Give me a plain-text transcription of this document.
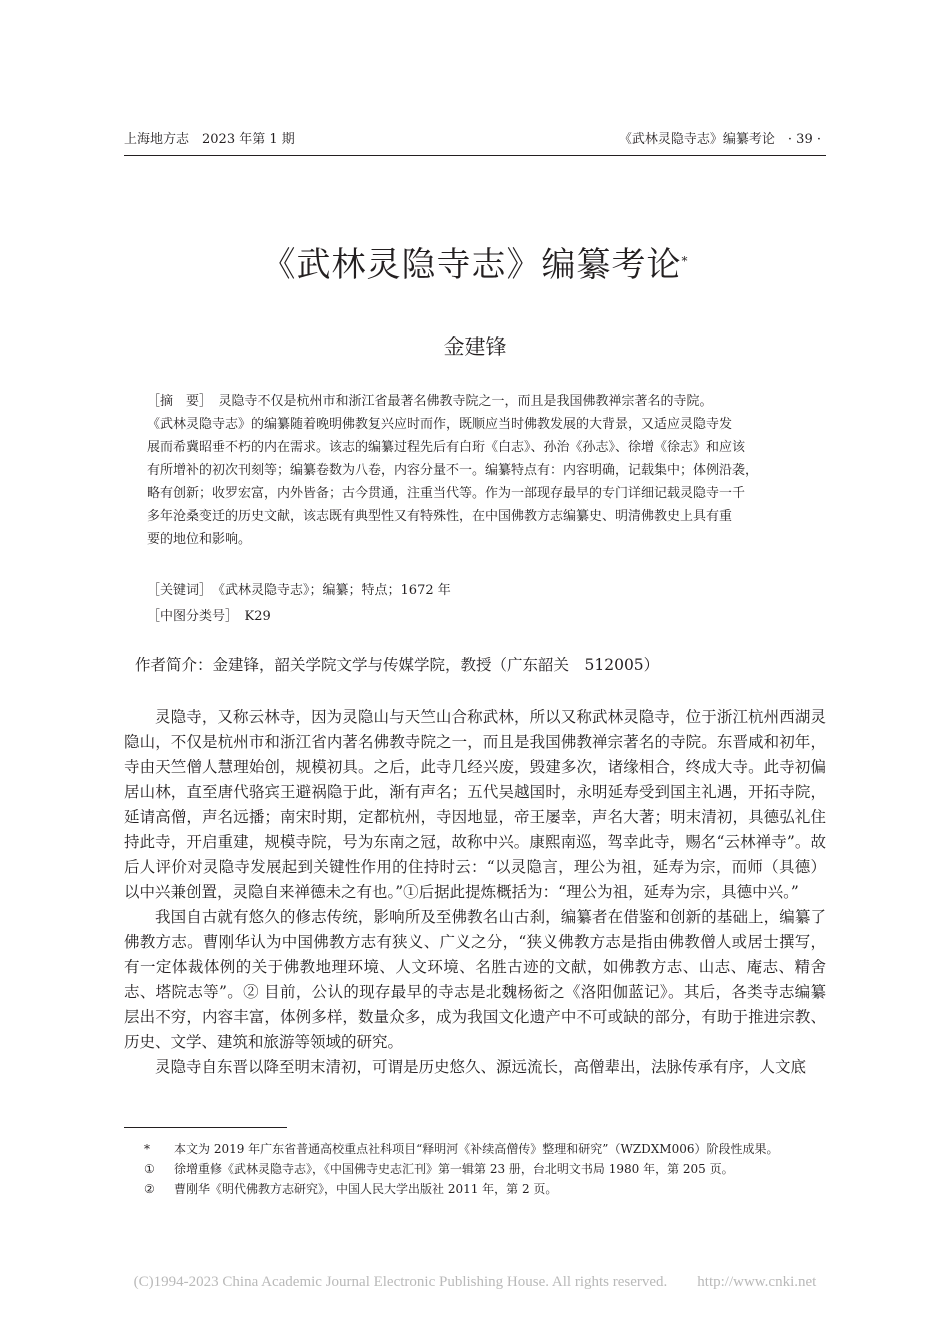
上海地方志　2023 年第 1 期	《武林灵隐寺志》编纂考论　· 39 ·
《武林灵隐寺志》编纂考论*
金建锋
［摘　要］　 灵隐寺不仅是杭州市和浙江省最著名佛教寺院之一，而且是我国佛教禅宗著名的寺院。
《武林灵隐寺志》的编纂随着晚明佛教复兴应时而作，既顺应当时佛教发展的大背景，又适应灵隐寺发
展而希冀昭垂不朽的内在需求。该志的编纂过程先后有白珩《白志》、孙治《孙志》、徐增《徐志》和应该
有所增补的初次刊刻等；编纂卷数为八卷，内容分量不一。编纂特点有：内容明确，记载集中；体例沿袭，
略有创新；收罗宏富，内外皆备；古今贯通，注重当代等。作为一部现存最早的专门详细记载灵隐寺一千
多年沧桑变迁的历史文献，该志既有典型性又有特殊性，在中国佛教方志编纂史、明清佛教史上具有重
要的地位和影响。
［关键词］　 《武林灵隐寺志》；编纂；特点；1672 年
［中图分类号］　 K29
作者简介：金建锋，韶关学院文学与传媒学院，教授（广东韶关　512005）

灵隐寺，又称云林寺，因为灵隐山与天竺山合称武林，所以又称武林灵隐寺，位于浙江杭州西湖灵隐山，不仅是杭州市和浙江省内著名佛教寺院之一，而且是我国佛教禅宗著名的寺院。东晋咸和初年，寺由天竺僧人慧理始创，规模初具。之后，此寺几经兴废，毁建多次，诸缘相合，终成大寺。此寺初偏居山林，直至唐代骆宾王避祸隐于此，渐有声名；五代吴越国时，永明延寿受到国主礼遇，开拓寺院，延请高僧，声名远播；南宋时期，定都杭州，寺因地显，帝王屡幸，声名大著；明末清初，具德弘礼住持此寺，开启重建，规模寺院，号为东南之冠，故称中兴。康熙南巡，驾幸此寺，赐名“云林禅寺”。故后人评价对灵隐寺发展起到关键性作用的住持时云：“以灵隐言，理公为祖，延寿为宗，而师（具德）以中兴兼创置，灵隐自来禅德未之有也。”①后据此提炼概括为：“理公为祖，延寿为宗，具德中兴。”

我国自古就有悠久的修志传统，影响所及至佛教名山古刹，编纂者在借鉴和创新的基础上，编纂了佛教方志。曹刚华认为中国佛教方志有狭义、广义之分，“狭义佛教方志是指由佛教僧人或居士撰写，有一定体裁体例的关于佛教地理环境、人文环境、名胜古迹的文献，如佛教方志、山志、庵志、精舍志、塔院志等”。② 目前，公认的现存最早的寺志是北魏杨衒之《洛阳伽蓝记》。其后，各类寺志编纂层出不穷，内容丰富，体例多样，数量众多，成为我国文化遗产中不可或缺的部分，有助于推进宗教、历史、文学、建筑和旅游等领域的研究。

灵隐寺自东晋以降至明末清初，可谓是历史悠久、源远流长，高僧辈出，法脉传承有序，人文底

* 本文为 2019 年广东省普通高校重点社科项目“释明河《补续高僧传》整理和研究”（WZDXM006）阶段性成果。
① 徐增重修《武林灵隐寺志》，《中国佛寺史志汇刊》第一辑第 23 册，台北明文书局 1980 年，第 205 页。
② 曹刚华《明代佛教方志研究》，中国人民大学出版社 2011 年，第 2 页。
(C)1994-2023 China Academic Journal Electronic Publishing House. All rights reserved.　　http://www.cnki.net
